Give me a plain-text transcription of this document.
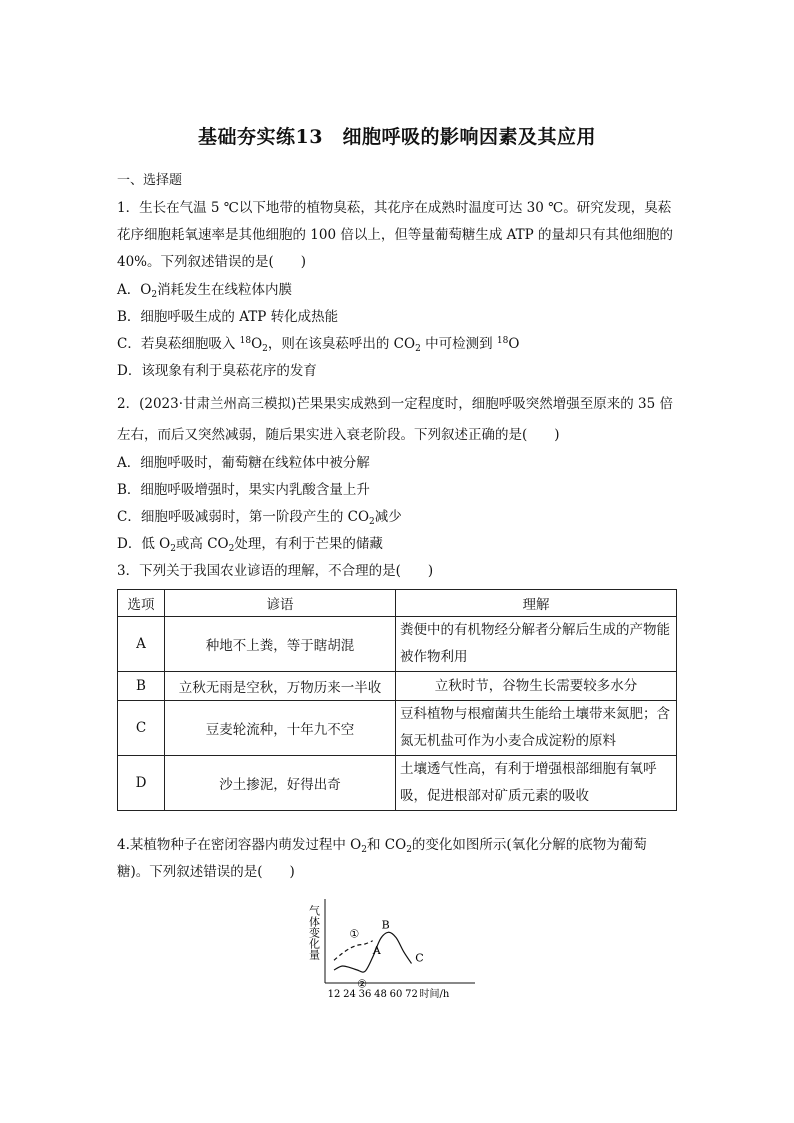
基础夯实练13　细胞呼吸的影响因素及其应用
一、选择题
1．生长在气温 5 ℃以下地带的植物臭菘，其花序在成熟时温度可达 30 ℃。研究发现，臭菘
花序细胞耗氧速率是其他细胞的 100 倍以上，但等量葡萄糖生成 ATP 的量却只有其他细胞的
40%。下列叙述错误的是(　　)
A．$O_2$消耗发生在线粒体内膜
B．细胞呼吸生成的 ATP 转化成热能
C．若臭菘细胞吸入 $^{18}O_2$，则在该臭菘呼出的 $CO_2$ 中可检测到 $^{18}$O
D．该现象有利于臭菘花序的发育
2．(2023·甘肃兰州高三模拟)芒果果实成熟到一定程度时，细胞呼吸突然增强至原来的 35 倍
左右，而后又突然减弱，随后果实进入衰老阶段。下列叙述正确的是(　　)
A．细胞呼吸时，葡萄糖在线粒体中被分解
B．细胞呼吸增强时，果实内乳酸含量上升
C．细胞呼吸减弱时，第一阶段产生的 $CO_2$减少
D．低 $O_2$或高 $CO_2$处理，有利于芒果的储藏
3．下列关于我国农业谚语的理解，不合理的是(　　)
选项	谚语	理解
A	种地不上粪，等于瞎胡混	粪便中的有机物经分解者分解后生成的产物能被作物利用
B	立秋无雨是空秋，万物历来一半收	立秋时节，谷物生长需要较多水分
C	豆麦轮流种，十年九不空	豆科植物与根瘤菌共生能给土壤带来氮肥；含氮无机盐可作为小麦合成淀粉的原料
D	沙土掺泥，好得出奇	土壤透气性高，有利于增强根部细胞有氧呼吸，促进根部对矿质元素的吸收
4.某植物种子在密闭容器内萌发过程中 $O_2$和 $CO_2$的变化如图所示(氧化分解的底物为葡萄
糖)。下列叙述错误的是(　　)
气体变化量
12 24 36 48 60 72 时间/h
①
②
A
B
C
